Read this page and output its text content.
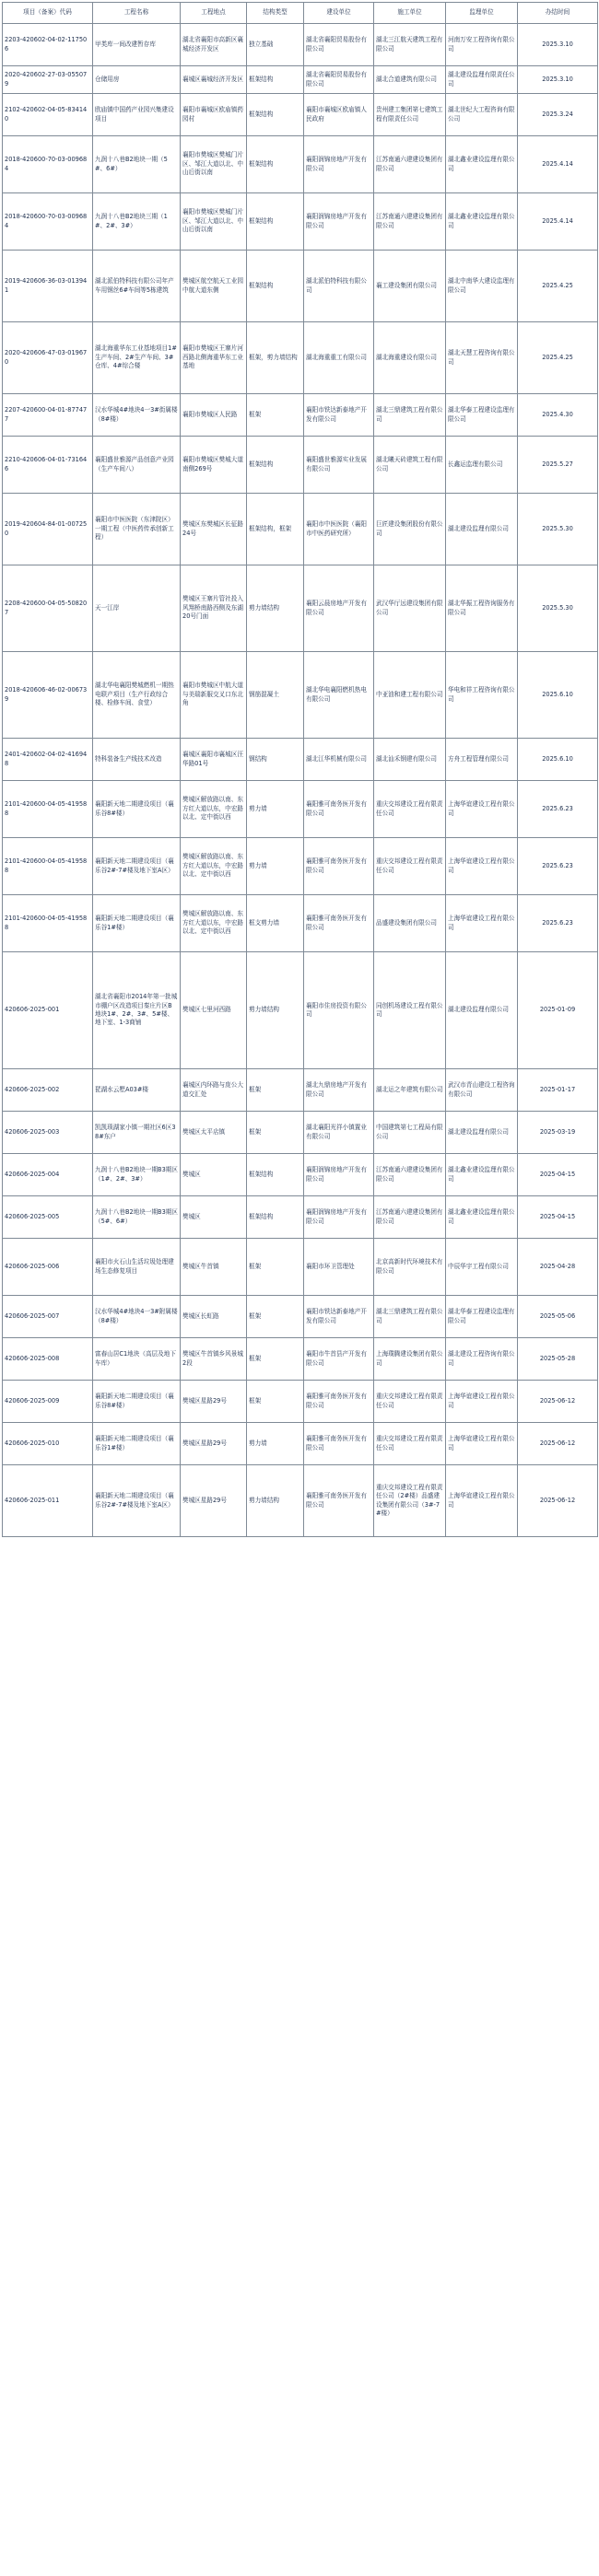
项目（备案）代码	工程名称	工程地点	结构类型	建设单位	施工单位	监理单位	办结时间
2203-420602-04-02-117506	甲类库一间改建暂存库	湖北省襄阳市高新区襄城经济开发区	独立基础	湖北省襄阳贸易股份有限公司	湖北三江航天建筑工程有限公司	河南万安工程咨询有限公司	2025.3.10
2020-420602-27-03-055079	仓储用房	襄城区襄城经济开发区	框架结构	湖北省襄阳贸易股份有限公司	湖北合道建筑有限公司	湖北建设监理有限责任公司	2025.3.10
2102-420602-04-05-834140	欧庙镇中国药产业园兴集建设项目	襄阳市襄城区欧庙镇药园村	框架结构	襄阳市襄城区欧庙镇人民政府	贵州建工集团第七建筑工程有限责任公司	湖北世纪大工程咨询有限公司	2025.3.24
2018-420600-70-03-009684	九润十八巷B2地块一期（5#、6#）	襄阳市樊城区樊城门片区、邹江大道以北、中山后街以南	框架结构	襄阳润锦房地产开发有限公司	江苏南通六建建设集团有限公司	湖北鑫业建设监理有限公司	2025.4.14
2018-420600-70-03-009684	九润十八巷B2地块三期（1#、2#、3#）	襄阳市樊城区樊城门片区、邹江大道以北、中山后街以南	框架结构	襄阳润锦房地产开发有限公司	江苏南通六建建设集团有限公司	湖北鑫业建设监理有限公司	2025.4.14
2019-420606-36-03-013941	湖北派伯特科技有限公司年产车用钢丝6#车间等5栋建筑	樊城区航空航天工业园中航大道东侧	框架结构	湖北派伯特科技有限公司	襄工建设集团有限公司	湖北中南华大建设监理有限公司	2025.4.25
2020-420606-47-03-019670	湖北海重华东工业基地项目1#生产车间、2#生产车间、3#仓库、4#综合楼	襄阳市樊城区王寨片河西路北侧海重华东工业基地	框架，剪力墙结构	湖北海重重工有限公司	湖北海重建设有限公司	湖北天慧工程咨询有限公司	2025.4.25
2207-420600-04-01-877477	汉水华城4#地块4一3#街属楼（8#楼）	襄阳市樊城区人民路	框架	襄阳市铁达新泰地产开发有限公司	湖北三鼎建筑工程有限公司	湖北华泰工程建设监理有限公司	2025.4.30
2210-420606-04-01-731646	襄阳盛世雅源产品创意产业园（生产车间八）	襄阳市樊城区樊城大道南侧269号	框架结构	襄阳盛世雅源实业发展有限公司	湖北曦天砖建筑工程有限公司	长鑫运监理有限公司	2025.5.27
2019-420604-84-01-007250	襄阳市中医医院（东津院区）一期工程（中医药传承创新工程）	樊城区东樊城区长征路24号	框架结构，框架	襄阳市中医医院（襄阳市中医药研究所）	巨匠建设集团股份有限公司	湖北建设监理有限公司	2025.5.30
2208-420600-04-05-508207	天一江岸	樊城区王寨片管社投入风翔桥南路西侧及东湖20号门面	剪力墙结构	襄阳云晨房地产开发有限公司	武汉华厅远建设集团有限公司	湖北华振工程咨询服务有限公司	2025.5.30
2018-420606-46-02-006739	湖北华电襄阳樊城燃机一期热电联产项目（生产行政综合楼、检修车间、食堂）	襄阳市樊城区中航大道与美瑞新服交叉口东北角	钢筋混凝土	湖北华电襄阳燃机热电有限公司	中亚油和建工程有限公司	华电和祥工程咨询有限公司	2025.6.10
2401-420602-04-02-416948	特科装备生产线技术改造	襄城区襄阳市襄城区汪华路01号	钢结构	湖北江华机械有限公司	湖北汕禾钢建有限公司	方舟工程管理有限公司	2025.6.10
2101-420600-04-05-419588	襄阳新天地二期建设项目（襄乐谷8#楼）	樊城区解放路以南、东方红大道以东，中宏路以北、定中街以西	剪力墙	襄阳雅可南务医开发有限公司	重庆交邦建设工程有限责任公司	上海华谊建设工程有限公司	2025.6.23
2101-420600-04-05-419588	襄阳新天地二期建设项目（襄乐谷2#-7#楼及地下室A区）	樊城区解放路以南、东方红大道以东，中宏路以北、定中街以西	剪力墙	襄阳雅可南务医开发有限公司	重庆交邦建设工程有限责任公司	上海华谊建设工程有限公司	2025.6.23
2101-420600-04-05-419588	襄阳新天地二期建设项目（襄乐谷1#楼）	樊城区解放路以南、东方红大道以东，中宏路以北、定中街以西	框支剪力墙	襄阳雅可南务医开发有限公司	品盛建设集团有限公司	上海华谊建设工程有限公司	2025.6.23
420606-2025-001	湖北省襄阳市2014年第一批城市棚户区改造项目秦庄片区B地块1#、2#、3#、5#楼、地下室、1-3商铺	樊城区七里河西路	剪力墙结构	襄阳市住房投资有限公司	同创机场建设工程有限公司	湖北建设监理有限公司	2025-01-09
420606-2025-002	琵湖水云墅A03#楼	襄城区内环路与庞公大道交汇处	框架	湖北九鼎房地产开发有限公司	湖北运之年建筑有限公司	武汉市青山建设工程咨询有限公司	2025-01-17
420606-2025-003	凯凯琐湖家小镇一期社区6区38#东户	樊城区太平店镇	框架	湖北襄阳光祥小镇置业有限公司	中国建筑第七工程局有限公司	湖北建设监理有限公司	2025-03-19
420606-2025-004	九润十八巷B2地块一期B3期区（1#、2#、3#）	樊城区	框架结构	襄阳润锦房地产开发有限公司	江苏南通六建建设集团有限公司	湖北鑫业建设监理有限公司	2025-04-15
420606-2025-005	九润十八巷B2地块一期B3期区（5#、6#）	樊城区	框架结构	襄阳润锦房地产开发有限公司	江苏南通六建建设集团有限公司	湖北鑫业建设监理有限公司	2025-04-15
420606-2025-006	襄阳市火石山生活垃圾处理建场生态修复项目	樊城区牛首镇	框架	襄阳市环卫管理处	北京高新时代环境技术有限公司	中辰华宇工程有限公司	2025-04-28
420606-2025-007	汉水华城4#地块4一3#附属楼（8#楼）	樊城区长虹路	框架	襄阳市铁达新泰地产开发有限公司	湖北三鼎建筑工程有限公司	湖北华泰工程建设监理有限公司	2025-05-06
420606-2025-008	富春山居C1地块（高层及地下车库）	樊城区牛首镇乡风景城2段	框架	襄阳市牛首县产开发有限公司	上海璞腾建设集团有限公司	湖北建设工程咨询有限公司	2025-05-28
420606-2025-009	襄阳新天地二期建设项目（襄乐谷8#楼）	樊城区星路29号	框架	襄阳雅可南务医开发有限公司	重庆交邦建设工程有限责任公司	上海华谊建设工程有限公司	2025-06-12
420606-2025-010	襄阳新天地二期建设项目（襄乐谷1#楼）	樊城区星路29号	剪力墙	襄阳雅可南务医开发有限公司	重庆交邦建设工程有限责任公司	上海华谊建设工程有限公司	2025-06-12
420606-2025-011	襄阳新天地二期建设项目（襄乐谷2#-7#楼及地下室A区）	樊城区星路29号	剪力墙结构	襄阳雅可南务医开发有限公司	重庆交邦建设工程有限责任公司（2#楼）品盛建设集团有限公司（3#-7#楼）	上海华谊建设工程有限公司	2025-06-12
